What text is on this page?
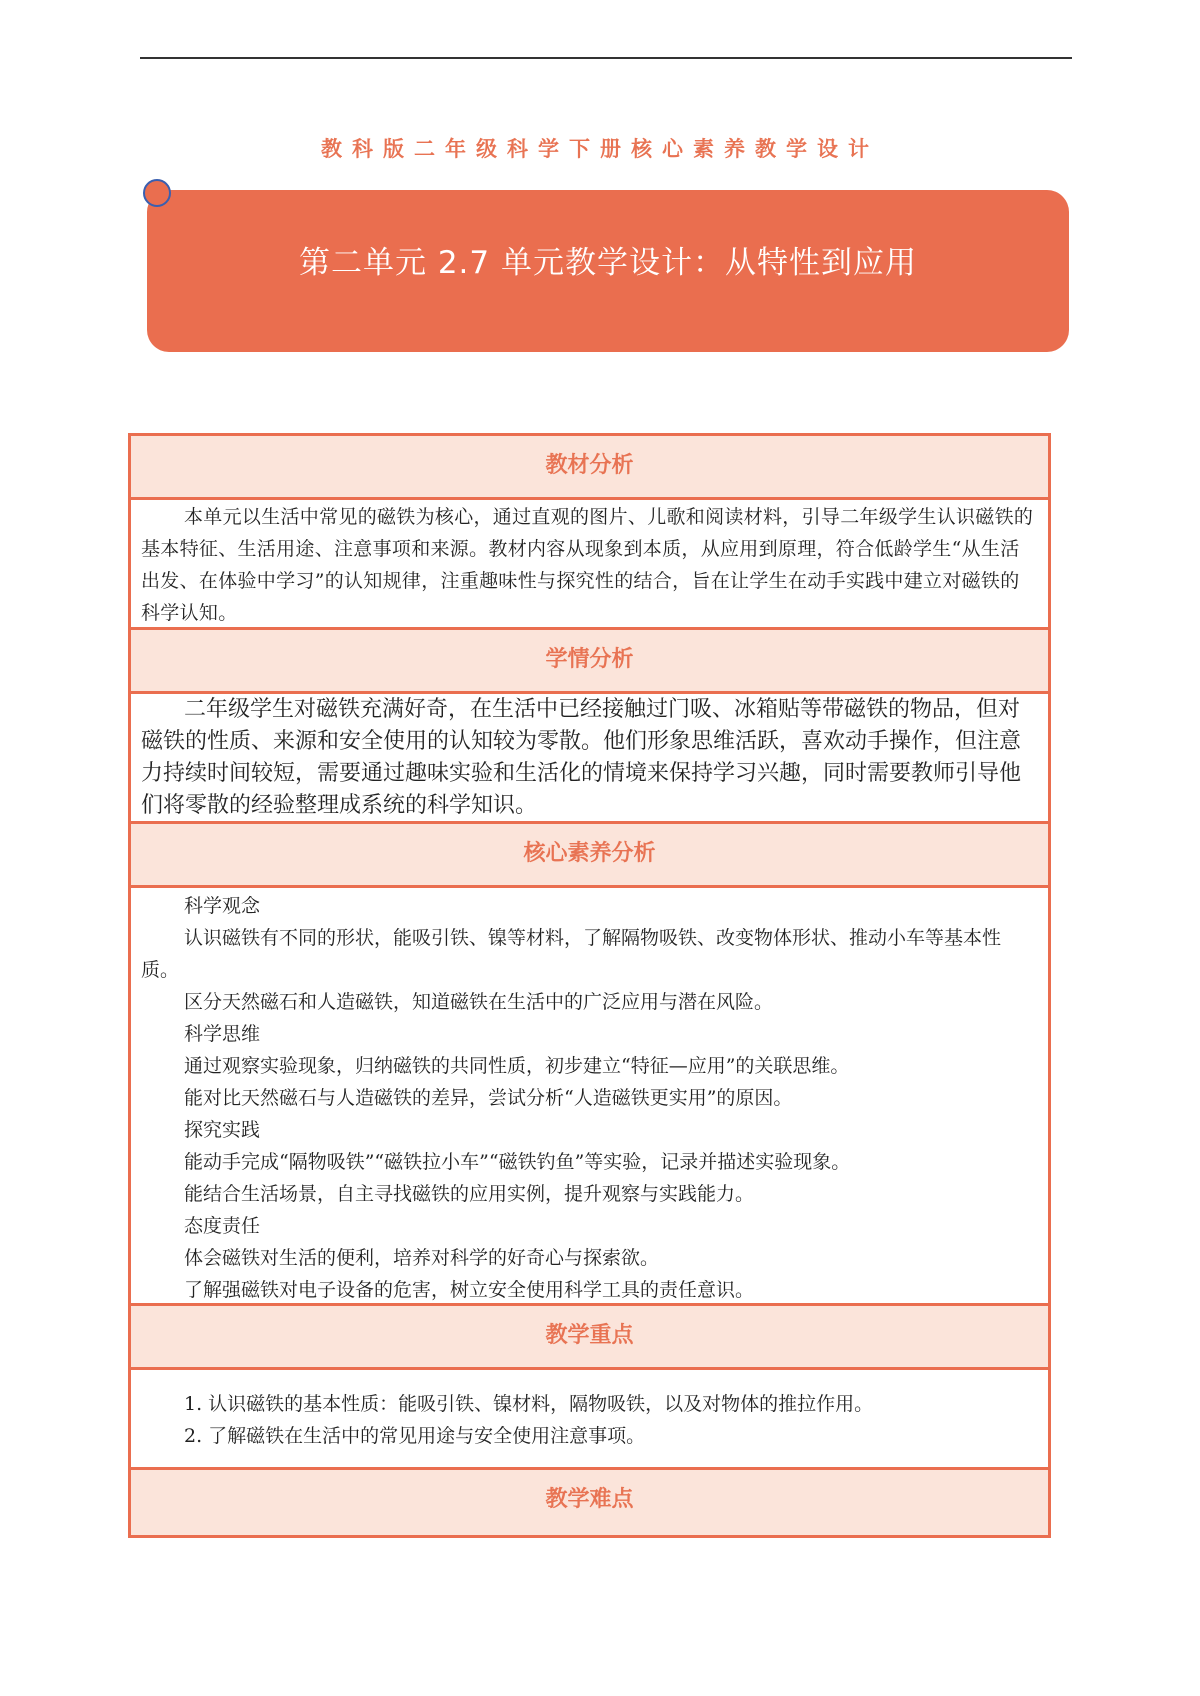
教科版二年级科学下册核心素养教学设计
第二单元 2.7 单元教学设计：从特性到应用
教材分析

本单元以生活中常见的磁铁为核心，通过直观的图片、儿歌和阅读材料，引导二年级学生认识磁铁的基本特征、生活用途、注意事项和来源。教材内容从现象到本质，从应用到原理，符合低龄学生“从生活出发、在体验中学习”的认知规律，注重趣味性与探究性的结合，旨在让学生在动手实践中建立对磁铁的科学认知。

学情分析

二年级学生对磁铁充满好奇，在生活中已经接触过门吸、冰箱贴等带磁铁的物品，但对磁铁的性质、来源和安全使用的认知较为零散。他们形象思维活跃，喜欢动手操作，但注意力持续时间较短，需要通过趣味实验和生活化的情境来保持学习兴趣，同时需要教师引导他们将零散的经验整理成系统的科学知识。

核心素养分析

科学观念

认识磁铁有不同的形状，能吸引铁、镍等材料，了解隔物吸铁、改变物体形状、推动小车等基本性质。

区分天然磁石和人造磁铁，知道磁铁在生活中的广泛应用与潜在风险。

科学思维

通过观察实验现象，归纳磁铁的共同性质，初步建立“特征—应用”的关联思维。

能对比天然磁石与人造磁铁的差异，尝试分析“人造磁铁更实用”的原因。

探究实践

能动手完成“隔物吸铁”“磁铁拉小车”“磁铁钓鱼”等实验，记录并描述实验现象。

能结合生活场景，自主寻找磁铁的应用实例，提升观察与实践能力。

态度责任

体会磁铁对生活的便利，培养对科学的好奇心与探索欲。

了解强磁铁对电子设备的危害，树立安全使用科学工具的责任意识。

教学重点

1. 认识磁铁的基本性质：能吸引铁、镍材料，隔物吸铁，以及对物体的推拉作用。

2. 了解磁铁在生活中的常见用途与安全使用注意事项。

教学难点
